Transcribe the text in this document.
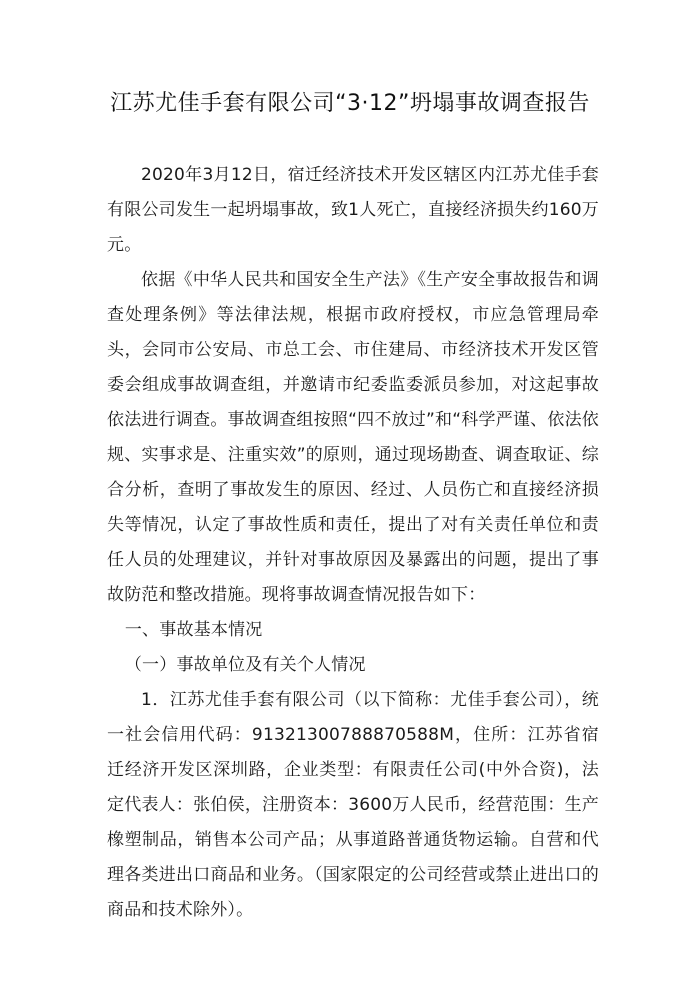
江苏尤佳手套有限公司“3·12”坍塌事故调查报告

2020年3月12日，宿迁经济技术开发区辖区内江苏尤佳手套有限公司发生一起坍塌事故，致1人死亡，直接经济损失约160万元。

依据《中华人民共和国安全生产法》《生产安全事故报告和调查处理条例》等法律法规，根据市政府授权，市应急管理局牵头，会同市公安局、市总工会、市住建局、市经济技术开发区管委会组成事故调查组，并邀请市纪委监委派员参加，对这起事故依法进行调查。事故调查组按照“四不放过”和“科学严谨、依法依规、实事求是、注重实效”的原则，通过现场勘查、调查取证、综合分析，查明了事故发生的原因、经过、人员伤亡和直接经济损失等情况，认定了事故性质和责任，提出了对有关责任单位和责任人员的处理建议，并针对事故原因及暴露出的问题，提出了事故防范和整改措施。现将事故调查情况报告如下：

一、事故基本情况

（一）事故单位及有关个人情况

1．江苏尤佳手套有限公司（以下简称：尤佳手套公司），统一社会信用代码：91321300788870588M，住所：江苏省宿迁经济开发区深圳路，企业类型：有限责任公司(中外合资)，法定代表人：张伯侯，注册资本：3600万人民币，经营范围：生产橡塑制品，销售本公司产品；从事道路普通货物运输。自营和代理各类进出口商品和业务。（国家限定的公司经营或禁止进出口的商品和技术除外）。
